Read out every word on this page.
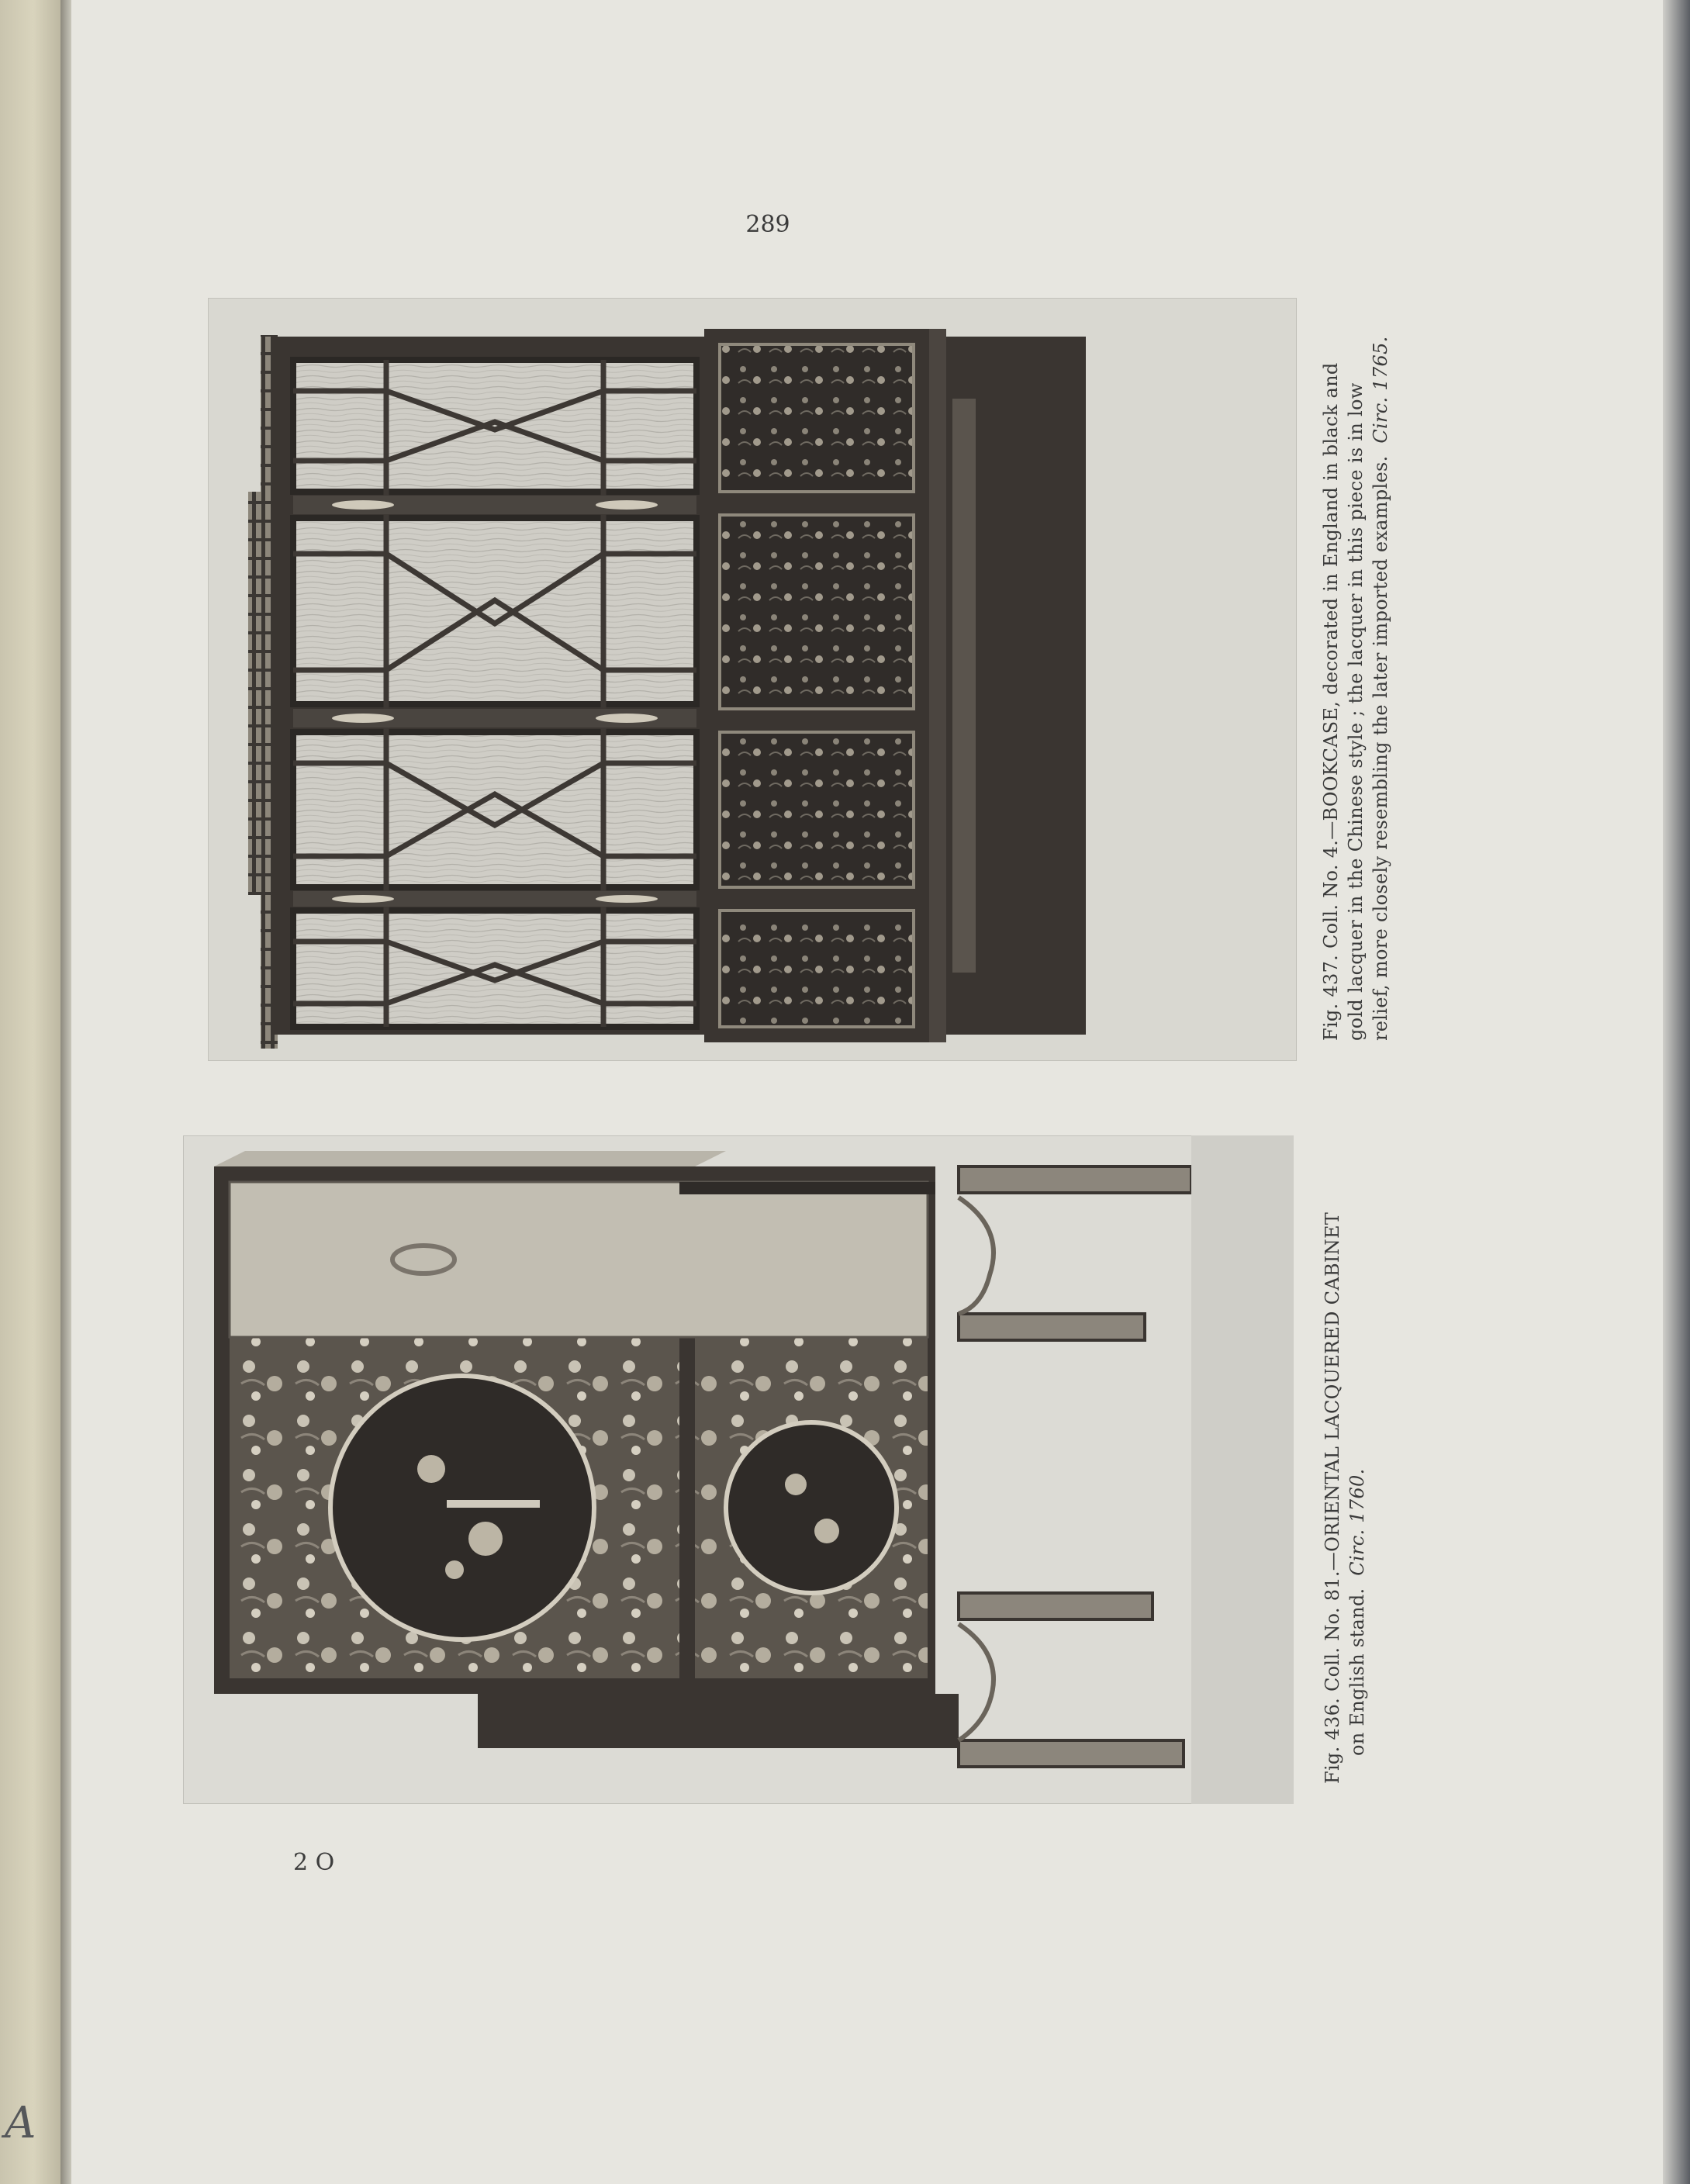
289
Fig. 437. Coll. No. 4.—BOOKCASE, decorated in England in black and gold lacquer in the Chinese style ; the lacquer in this piece is in low relief, more closely resembling the later imported examples.  Circ. 1765.
Fig. 436. Coll. No. 81.—ORIENTAL LACQUERED CABINET on English stand.  Circ. 1760.
2 O
A
